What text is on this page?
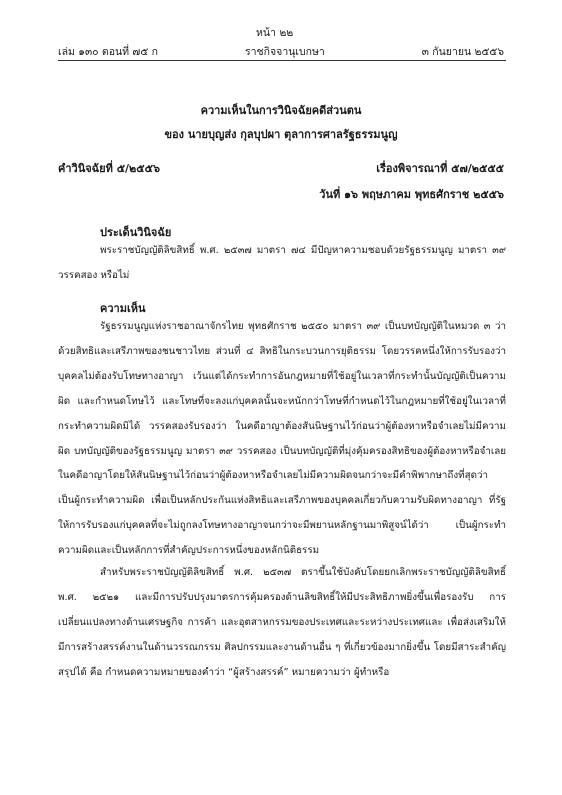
หน้า ๒๒
เล่ม ๑๓๐ ตอนที่ ๗๕ ก	ราชกิจจานุเบกษา	๓ กันยายน ๒๕๕๖
ความเห็นในการวินิจฉัยคดีส่วนตน
ของ นายบุญส่ง กุลบุปผา ตุลาการศาลรัฐธรรมนูญ
คำวินิจฉัยที่ ๕/๒๕๕๖	เรื่องพิจารณาที่ ๕๗/๒๕๕๕
วันที่ ๑๖ พฤษภาคม พุทธศักราช ๒๕๕๖
ประเด็นวินิจฉัย
พระราชบัญญัติลิขสิทธิ์ พ.ศ. ๒๕๓๗ มาตรา ๗๔ มีปัญหาความชอบด้วยรัฐธรรมนูญ มาตรา ๓๙ วรรคสอง หรือไม่
ความเห็น
รัฐธรรมนูญแห่งราชอาณาจักรไทย พุทธศักราช ๒๕๕๐ มาตรา ๓๙ เป็นบทบัญญัติในหมวด ๓ ว่าด้วยสิทธิและเสรีภาพของชนชาวไทย ส่วนที่ ๔ สิทธิในกระบวนการยุติธรรม โดยวรรคหนึ่งให้การรับรองว่า บุคคลไม่ต้องรับโทษทางอาญา เว้นแต่ได้กระทำการอันกฎหมายที่ใช้อยู่ในเวลาที่กระทำนั้นบัญญัติเป็นความผิด และกำหนดโทษไว้ และโทษที่จะลงแก่บุคคลนั้นจะหนักกว่าโทษที่กำหนดไว้ในกฎหมายที่ใช้อยู่ในเวลาที่กระทำความผิดมิได้ วรรคสองรับรองว่า ในคดีอาญาต้องสันนิษฐานไว้ก่อนว่าผู้ต้องหาหรือจำเลยไม่มีความผิด บทบัญญัติของรัฐธรรมนูญ มาตรา ๓๙ วรรคสอง เป็นบทบัญญัติที่มุ่งคุ้มครองสิทธิของผู้ต้องหาหรือจำเลย ในคดีอาญาโดยให้สันนิษฐานไว้ก่อนว่าผู้ต้องหาหรือจำเลยไม่มีความผิดจนกว่าจะมีคำพิพากษาถึงที่สุดว่า เป็นผู้กระทำความผิด เพื่อเป็นหลักประกันแห่งสิทธิและเสรีภาพของบุคคลเกี่ยวกับความรับผิดทางอาญา ที่รัฐให้การรับรองแก่บุคคลที่จะไม่ถูกลงโทษทางอาญาจนกว่าจะมีพยานหลักฐานมาพิสูจน์ได้ว่า เป็นผู้กระทำความผิดและเป็นหลักการที่สำคัญประการหนึ่งของหลักนิติธรรม
สำหรับพระราชบัญญัติลิขสิทธิ์ พ.ศ. ๒๕๓๗ ตราขึ้นใช้บังคับโดยยกเลิกพระราชบัญญัติลิขสิทธิ์ พ.ศ. ๒๕๒๑ และมีการปรับปรุงมาตรการคุ้มครองด้านลิขสิทธิ์ให้มีประสิทธิภาพยิ่งขึ้นเพื่อรองรับ การเปลี่ยนแปลงทางด้านเศรษฐกิจ การค้า และอุตสาหกรรมของประเทศและระหว่างประเทศและ เพื่อส่งเสริมให้มีการสร้างสรรค์งานในด้านวรรณกรรม ศิลปกรรมและงานด้านอื่น ๆ ที่เกี่ยวข้องมากยิ่งขึ้น โดยมีสาระสำคัญสรุปได้ คือ กำหนดความหมายของคำว่า “ผู้สร้างสรรค์” หมายความว่า ผู้ทำหรือ
